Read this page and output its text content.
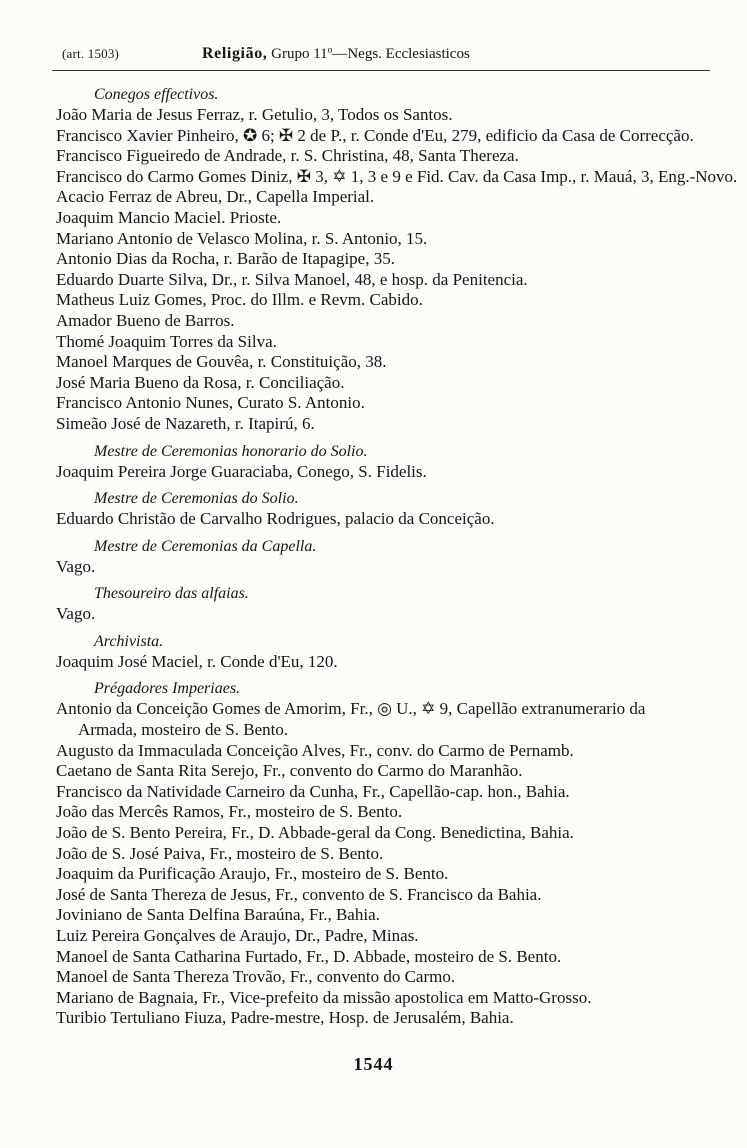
(art. 1503)	Religião, Grupo 11º—Negs. Ecclesiasticos
Conegos effectivos.
João Maria de Jesus Ferraz, r. Getulio, 3, Todos os Santos.
Francisco Xavier Pinheiro, ✪ 6; ✠ 2 de P., r. Conde d'Eu, 279, edificio da Casa de Correcção.
Francisco Figueiredo de Andrade, r. S. Christina, 48, Santa Thereza.
Francisco do Carmo Gomes Diniz, ✠ 3, ✡ 1, 3 e 9 e Fid. Cav. da Casa Imp., r. Mauá, 3, Eng.-Novo.
Acacio Ferraz de Abreu, Dr., Capella Imperial.
Joaquim Mancio Maciel. Prioste.
Mariano Antonio de Velasco Molina, r. S. Antonio, 15.
Antonio Dias da Rocha, r. Barão de Itapagipe, 35.
Eduardo Duarte Silva, Dr., r. Silva Manoel, 48, e hosp. da Penitencia.
Matheus Luiz Gomes, Proc. do Illm. e Revm. Cabido.
Amador Bueno de Barros.
Thomé Joaquim Torres da Silva.
Manoel Marques de Gouvêa, r. Constituição, 38.
José Maria Bueno da Rosa, r. Conciliação.
Francisco Antonio Nunes, Curato S. Antonio.
Simeão José de Nazareth, r. Itapirú, 6.
Mestre de Ceremonias honorario do Solio.
Joaquim Pereira Jorge Guaraciaba, Conego, S. Fidelis.
Mestre de Ceremonias do Solio.
Eduardo Christão de Carvalho Rodrigues, palacio da Conceição.
Mestre de Ceremonias da Capella.
Vago.
Thesoureiro das alfaias.
Vago.
Archivista.
Joaquim José Maciel, r. Conde d'Eu, 120.
Prégadores Imperiaes.
Antonio da Conceição Gomes de Amorim, Fr., ◎ U., ✡ 9, Capellão extranumerario da Armada, mosteiro de S. Bento.
Augusto da Immaculada Conceição Alves, Fr., conv. do Carmo de Pernamb.
Caetano de Santa Rita Serejo, Fr., convento do Carmo do Maranhão.
Francisco da Natividade Carneiro da Cunha, Fr., Capellão-cap. hon., Bahia.
João das Mercês Ramos, Fr., mosteiro de S. Bento.
João de S. Bento Pereira, Fr., D. Abbade-geral da Cong. Benedictina, Bahia.
João de S. José Paiva, Fr., mosteiro de S. Bento.
Joaquim da Purificação Araujo, Fr., mosteiro de S. Bento.
José de Santa Thereza de Jesus, Fr., convento de S. Francisco da Bahia.
Joviniano de Santa Delfina Baraúna, Fr., Bahia.
Luiz Pereira Gonçalves de Araujo, Dr., Padre, Minas.
Manoel de Santa Catharina Furtado, Fr., D. Abbade, mosteiro de S. Bento.
Manoel de Santa Thereza Trovão, Fr., convento do Carmo.
Mariano de Bagnaia, Fr., Vice-prefeito da missão apostolica em Matto-Grosso.
Turibio Tertuliano Fiuza, Padre-mestre, Hosp. de Jerusalém, Bahia.
1544
